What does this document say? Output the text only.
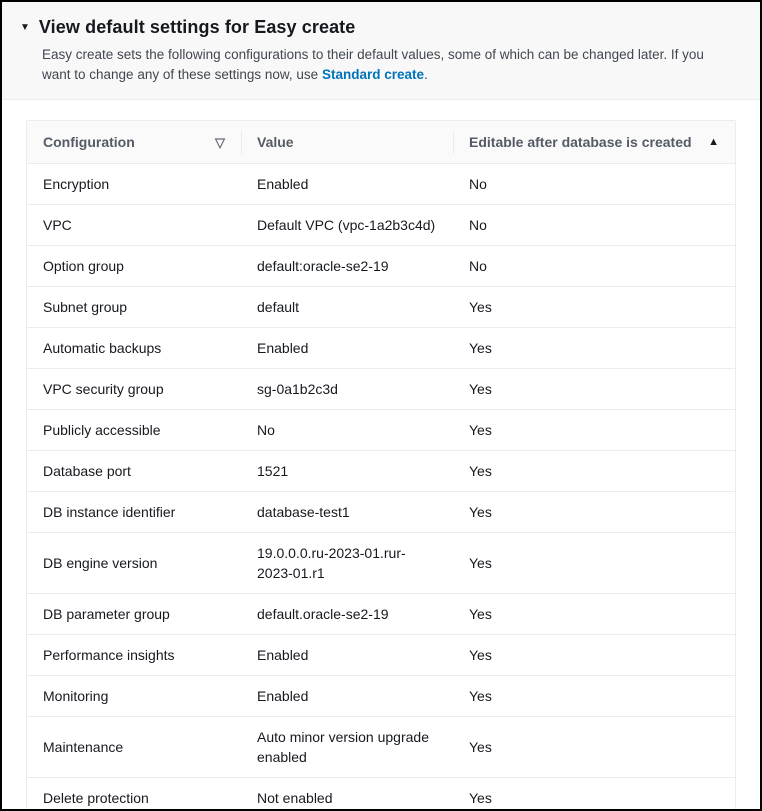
▼ View default settings for Easy create

Easy create sets the following configurations to their default values, some of which can be changed later. If you want to change any of these settings now, use Standard create.

Configuration ▽	Value	Editable after database is created ▲

Encryption	Enabled	No
VPC	Default VPC (vpc-1a2b3c4d)	No
Option group	default:oracle-se2-19	No
Subnet group	default	Yes
Automatic backups	Enabled	Yes
VPC security group	sg-0a1b2c3d	Yes
Publicly accessible	No	Yes
Database port	1521	Yes
DB instance identifier	database-test1	Yes
DB engine version	19.0.0.0.ru-2023-01.rur-2023-01.r1	Yes
DB parameter group	default.oracle-se2-19	Yes
Performance insights	Enabled	Yes
Monitoring	Enabled	Yes
Maintenance	Auto minor version upgrade enabled	Yes
Delete protection	Not enabled	Yes
